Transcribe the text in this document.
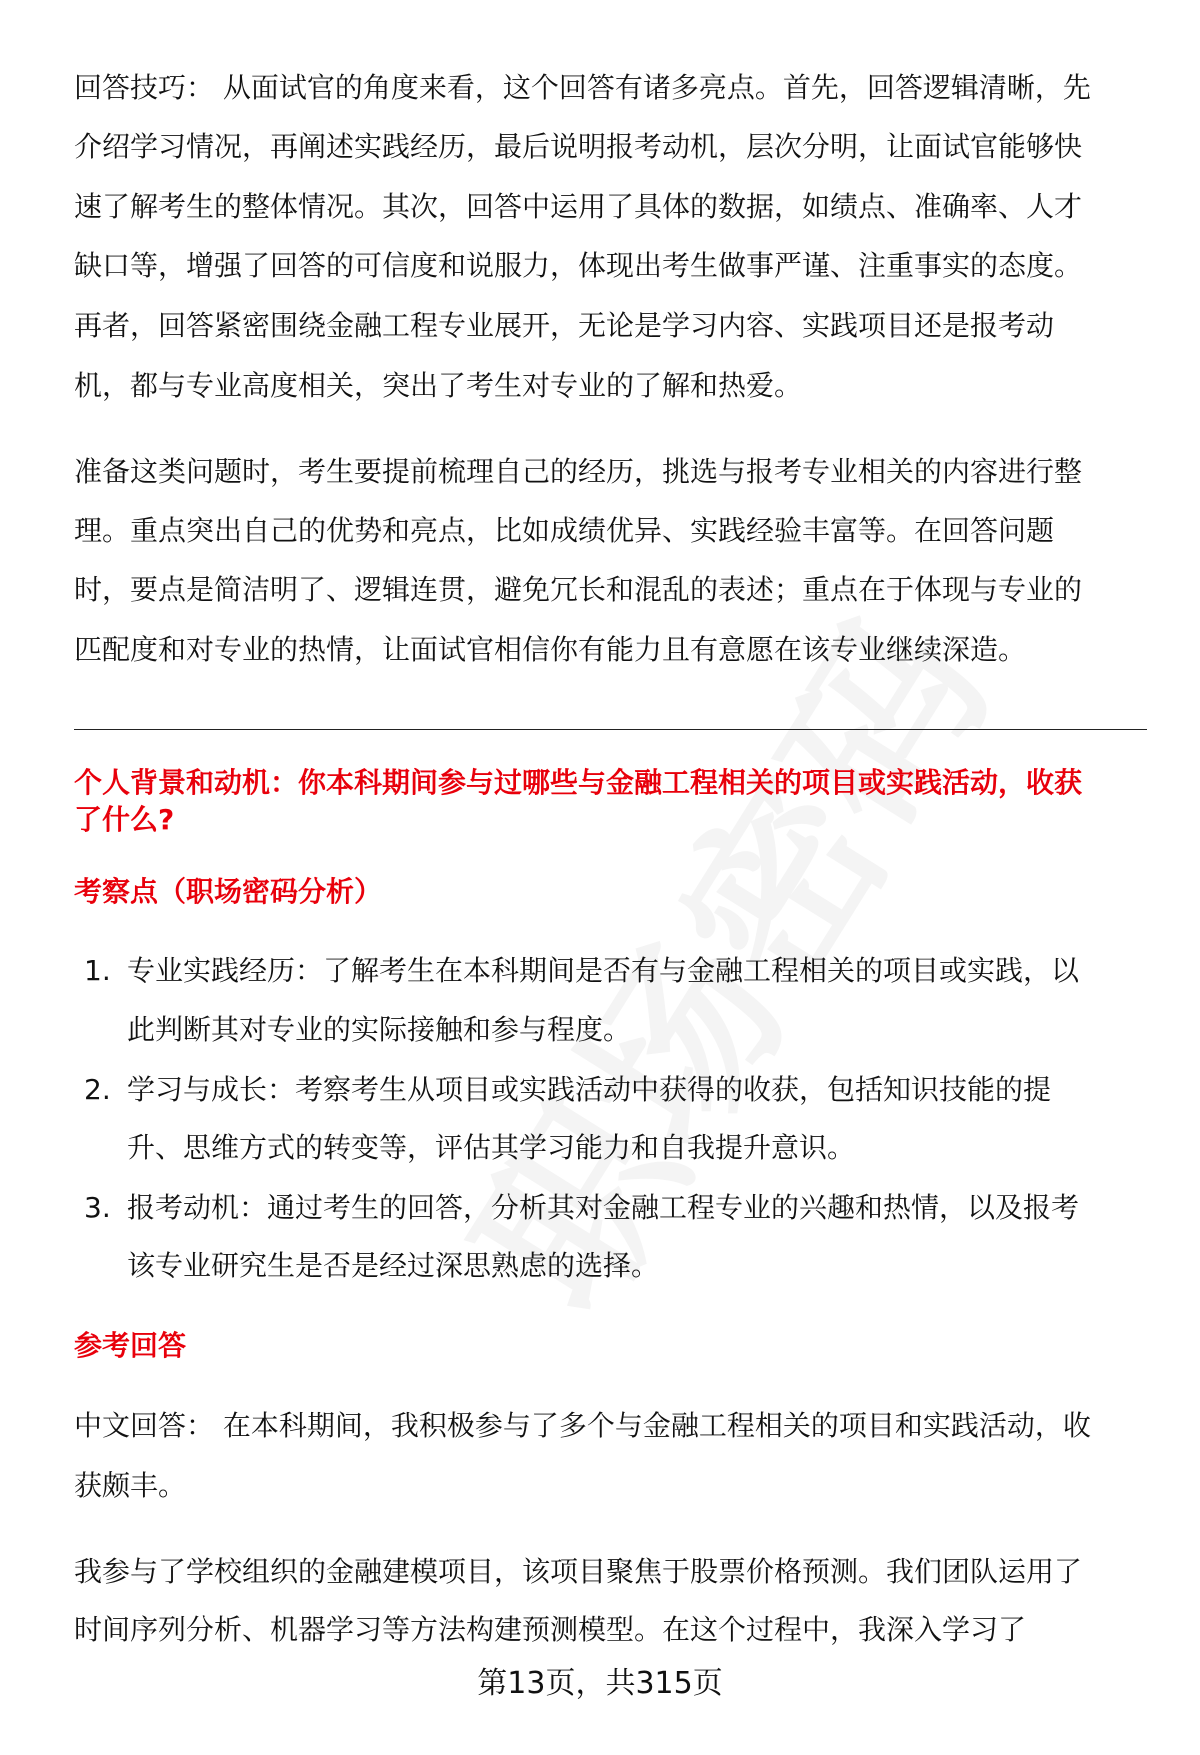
回答技巧： 从面试官的角度来看，这个回答有诸多亮点。首先，回答逻辑清晰，先
介绍学习情况，再阐述实践经历，最后说明报考动机，层次分明，让面试官能够快
速了解考生的整体情况。其次，回答中运用了具体的数据，如绩点、准确率、人才
缺口等，增强了回答的可信度和说服力，体现出考生做事严谨、注重事实的态度。
再者，回答紧密围绕金融工程专业展开，无论是学习内容、实践项目还是报考动
机，都与专业高度相关，突出了考生对专业的了解和热爱。
准备这类问题时，考生要提前梳理自己的经历，挑选与报考专业相关的内容进行整
理。重点突出自己的优势和亮点，比如成绩优异、实践经验丰富等。在回答问题
时，要点是简洁明了、逻辑连贯，避免冗长和混乱的表述；重点在于体现与专业的
匹配度和对专业的热情，让面试官相信你有能力且有意愿在该专业继续深造。
个人背景和动机：你本科期间参与过哪些与金融工程相关的项目或实践活动，收获
了什么?
考察点（职场密码分析）
1. 专业实践经历：了解考生在本科期间是否有与金融工程相关的项目或实践，以
此判断其对专业的实际接触和参与程度。
2. 学习与成长：考察考生从项目或实践活动中获得的收获，包括知识技能的提
升、思维方式的转变等，评估其学习能力和自我提升意识。
3. 报考动机：通过考生的回答，分析其对金融工程专业的兴趣和热情，以及报考
该专业研究生是否是经过深思熟虑的选择。
参考回答
中文回答： 在本科期间，我积极参与了多个与金融工程相关的项目和实践活动，收
获颇丰。
我参与了学校组织的金融建模项目，该项目聚焦于股票价格预测。我们团队运用了
时间序列分析、机器学习等方法构建预测模型。在这个过程中，我深入学习了
第13页，共315页
